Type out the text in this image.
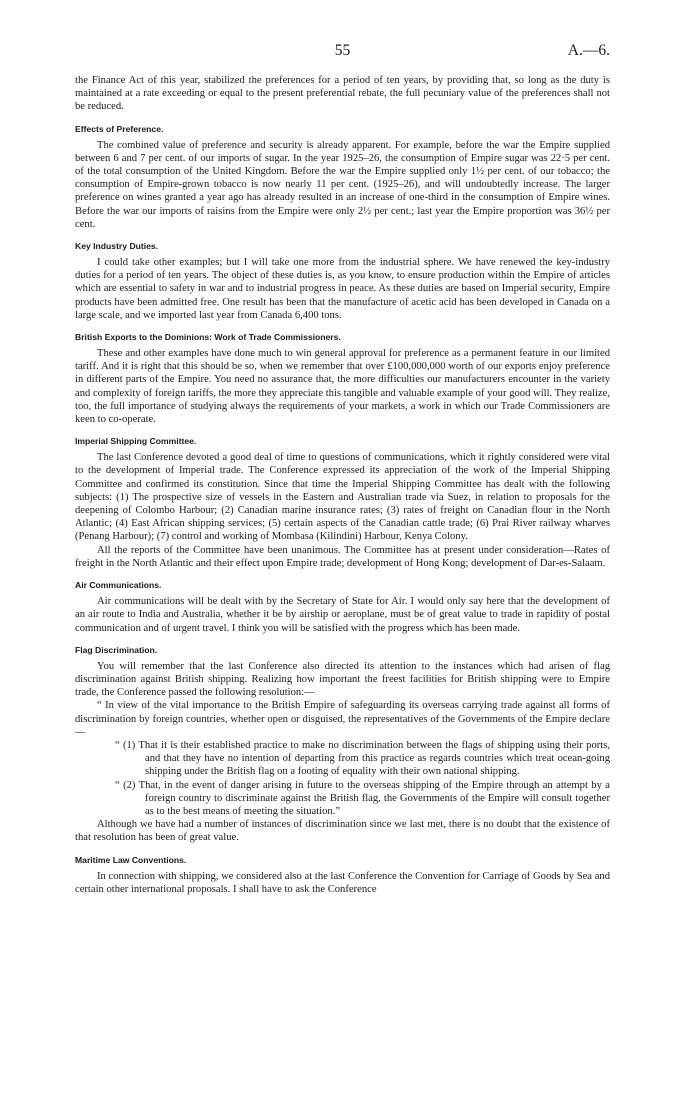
55	A.—6.

the Finance Act of this year, stabilized the preferences for a period of ten years, by providing that, so long as the duty is maintained at a rate exceeding or equal to the present preferential rebate, the full pecuniary value of the preferences shall not be reduced.

Effects of Preference.

The combined value of preference and security is already apparent. For example, before the war the Empire supplied between 6 and 7 per cent. of our imports of sugar. In the year 1925–26, the consumption of Empire sugar was 22·5 per cent. of the total consumption of the United Kingdom. Before the war the Empire supplied only 1½ per cent. of our tobacco; the consumption of Empire-grown tobacco is now nearly 11 per cent. (1925–26), and will undoubtedly increase. The larger preference on wines granted a year ago has already resulted in an increase of one-third in the consumption of Empire wines. Before the war our imports of raisins from the Empire were only 2½ per cent.; last year the Empire proportion was 36½ per cent.

Key Industry Duties.

I could take other examples; but I will take one more from the industrial sphere. We have renewed the key-industry duties for a period of ten years. The object of these duties is, as you know, to ensure production within the Empire of articles which are essential to safety in war and to industrial progress in peace. As these duties are based on Imperial security, Empire products have been admitted free. One result has been that the manufacture of acetic acid has been developed in Canada on a large scale, and we imported last year from Canada 6,400 tons.

British Exports to the Dominions: Work of Trade Commissioners.

These and other examples have done much to win general approval for preference as a permanent feature in our limited tariff. And it is right that this should be so, when we remember that over £100,000,000 worth of our exports enjoy preference in different parts of the Empire. You need no assurance that, the more difficulties our manufacturers encounter in the variety and complexity of foreign tariffs, the more they appreciate this tangible and valuable example of your good will. They realize, too, the full importance of studying always the requirements of your markets, a work in which our Trade Commissioners are keen to co-operate.

Imperial Shipping Committee.

The last Conference devoted a good deal of time to questions of communications, which it rightly considered were vital to the development of Imperial trade. The Conference expressed its appreciation of the work of the Imperial Shipping Committee and confirmed its constitution. Since that time the Imperial Shipping Committee has dealt with the following subjects: (1) The prospective size of vessels in the Eastern and Australian trade via Suez, in relation to proposals for the deepening of Colombo Harbour; (2) Canadian marine insurance rates; (3) rates of freight on Canadian flour in the North Atlantic; (4) East African shipping services; (5) certain aspects of the Canadian cattle trade; (6) Prai River railway wharves (Penang Harbour); (7) control and working of Mombasa (Kilindini) Harbour, Kenya Colony.

All the reports of the Committee have been unanimous. The Committee has at present under consideration—Rates of freight in the North Atlantic and their effect upon Empire trade; development of Hong Kong; development of Dar-es-Salaam.

Air Communications.

Air communications will be dealt with by the Secretary of State for Air. I would only say here that the development of an air route to India and Australia, whether it be by airship or aeroplane, must be of great value to trade in rapidity of postal communication and of urgent travel. I think you will be satisfied with the progress which has been made.

Flag Discrimination.

You will remember that the last Conference also directed its attention to the instances which had arisen of flag discrimination against British shipping. Realizing how important the freest facilities for British shipping were to Empire trade, the Conference passed the following resolution:—

“ In view of the vital importance to the British Empire of safeguarding its overseas carrying trade against all forms of discrimination by foreign countries, whether open or disguised, the representatives of the Governments of the Empire declare—

“ (1) That it is their established practice to make no discrimination between the flags of shipping using their ports, and that they have no intention of departing from this practice as regards countries which treat ocean-going shipping under the British flag on a footing of equality with their own national shipping.

“ (2) That, in the event of danger arising in future to the overseas shipping of the Empire through an attempt by a foreign country to discriminate against the British flag, the Governments of the Empire will consult together as to the best means of meeting the situation.”

Although we have had a number of instances of discrimination since we last met, there is no doubt that the existence of that resolution has been of great value.

Maritime Law Conventions.

In connection with shipping, we considered also at the last Conference the Convention for Carriage of Goods by Sea and certain other international proposals. I shall have to ask the Conference
